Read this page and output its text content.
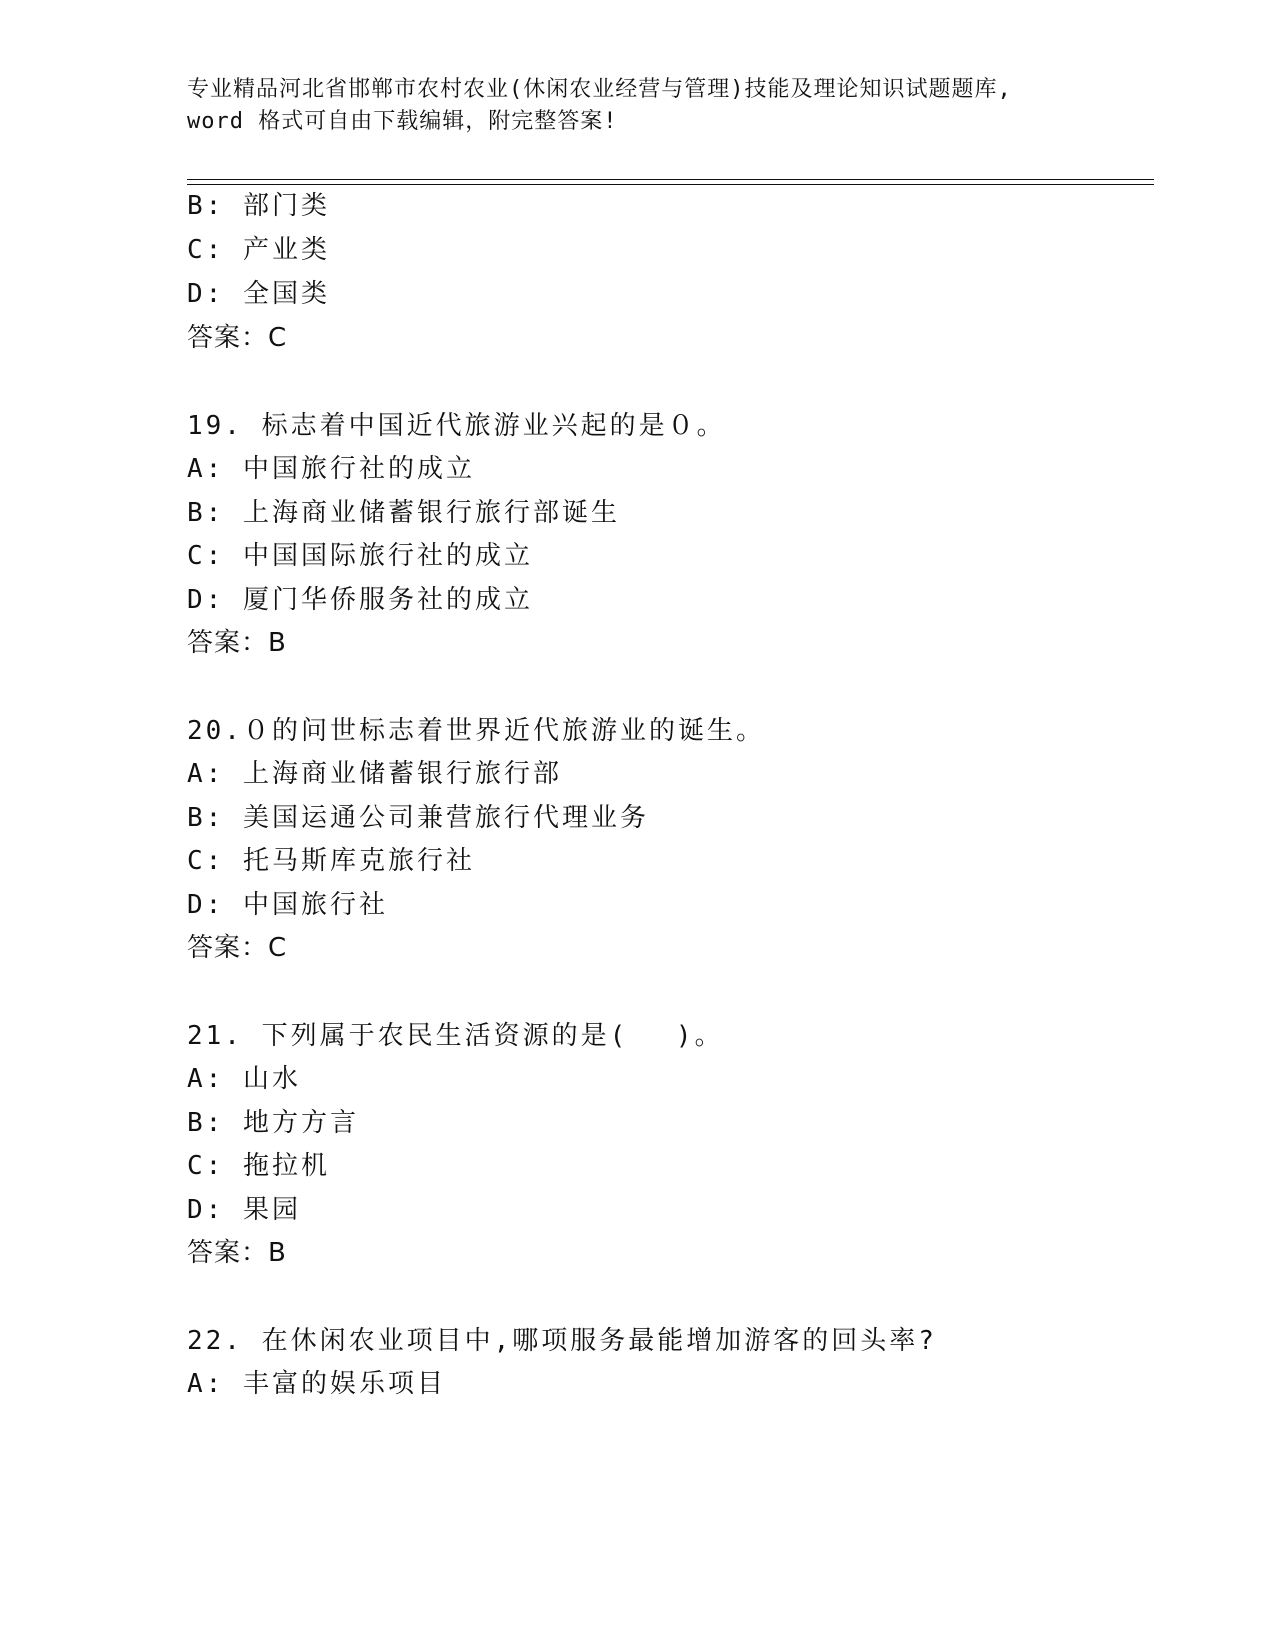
专业精品河北省邯郸市农村农业(休闲农业经营与管理)技能及理论知识试题题库,
word 格式可自由下载编辑，附完整答案!
B: 部门类
C: 产业类
D: 全国类
答案：C
19. 标志着中国近代旅游业兴起的是０。
A: 中国旅行社的成立
B: 上海商业储蓄银行旅行部诞生
C: 中国国际旅行社的成立
D: 厦门华侨服务社的成立
答案：B
20.０的问世标志着世界近代旅游业的诞生。
A: 上海商业储蓄银行旅行部
B: 美国运通公司兼营旅行代理业务
C: 托马斯库克旅行社
D: 中国旅行社
答案：C
21. 下列属于农民生活资源的是(　 )。
A: 山水
B: 地方方言
C: 拖拉机
D: 果园
答案：B
22. 在休闲农业项目中,哪项服务最能增加游客的回头率?
A: 丰富的娱乐项目
